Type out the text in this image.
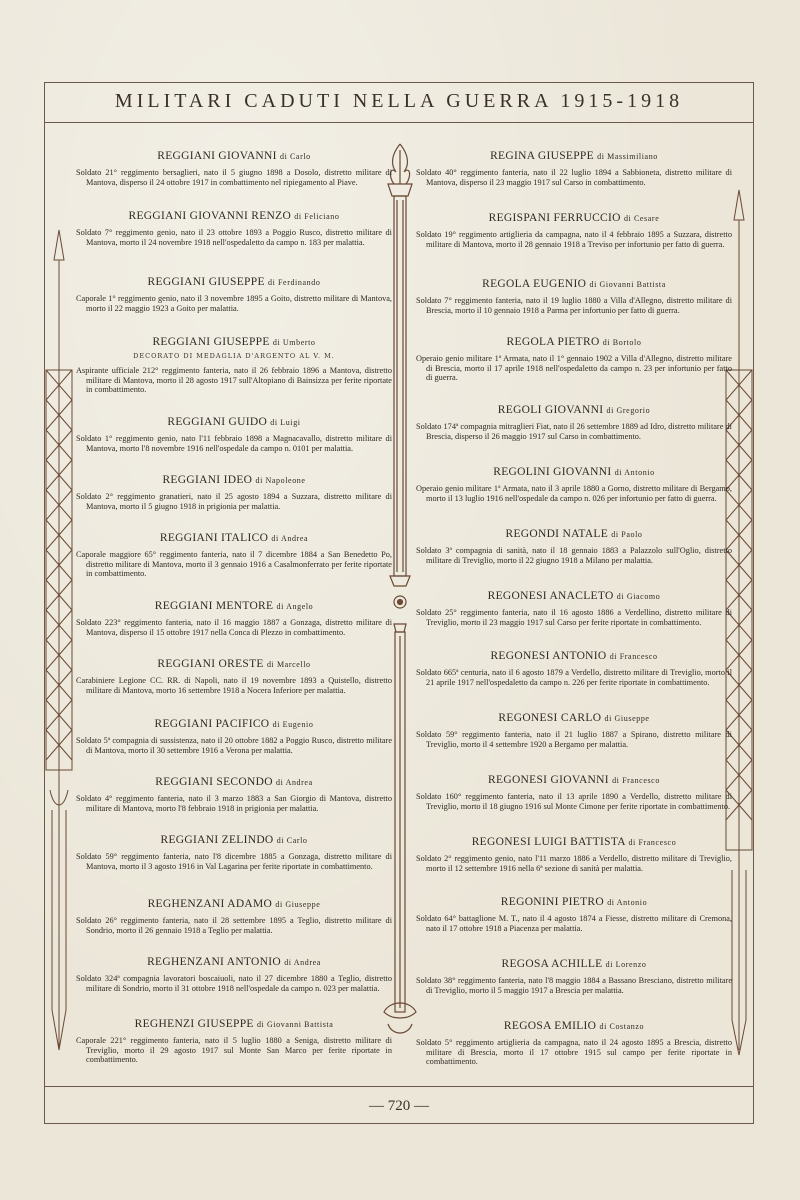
MILITARI CADUTI NELLA GUERRA 1915-1918
REGGIANI GIOVANNI di Carlo
Soldato 21° reggimento bersaglieri, nato il 5 giugno 1898 a Dosolo, distretto militare di Mantova, disperso il 24 ottobre 1917 in combattimento nel ripiegamento al Piave.
REGGIANI GIOVANNI RENZO di Feliciano
Soldato 7° reggimento genio, nato il 23 ottobre 1893 a Poggio Rusco, distretto militare di Mantova, morto il 24 novembre 1918 nell'ospedaletto da campo n. 183 per malattia.
REGGIANI GIUSEPPE di Ferdinando
Caporale 1° reggimento genio, nato il 3 novembre 1895 a Goito, distretto militare di Mantova, morto il 22 maggio 1923 a Goito per malattia.
REGGIANI GIUSEPPE di Umberto
DECORATO DI MEDAGLIA D'ARGENTO AL V. M.
Aspirante ufficiale 212° reggimento fanteria, nato il 26 febbraio 1896 a Mantova, distretto militare di Mantova, morto il 28 agosto 1917 sull'Altopiano di Bainsizza per ferite riportate in combattimento.
REGGIANI GUIDO di Luigi
Soldato 1° reggimento genio, nato l'11 febbraio 1898 a Magnacavallo, distretto militare di Mantova, morto l'8 novembre 1916 nell'ospedale da campo n. 0101 per malattia.
REGGIANI IDEO di Napoleone
Soldato 2° reggimento granatieri, nato il 25 agosto 1894 a Suzzara, distretto militare di Mantova, morto il 5 giugno 1918 in prigionia per malattia.
REGGIANI ITALICO di Andrea
Caporale maggiore 65° reggimento fanteria, nato il 7 dicembre 1884 a San Benedetto Po, distretto militare di Mantova, morto il 3 gennaio 1916 a Casalmonferrato per ferite riportate in combattimento.
REGGIANI MENTORE di Angelo
Soldato 223° reggimento fanteria, nato il 16 maggio 1887 a Gonzaga, distretto militare di Mantova, disperso il 15 ottobre 1917 nella Conca di Plezzo in combattimento.
REGGIANI ORESTE di Marcello
Carabiniere Legione CC. RR. di Napoli, nato il 19 novembre 1893 a Quistello, distretto militare di Mantova, morto 16 settembre 1918 a Nocera Inferiore per malattia.
REGGIANI PACIFICO di Eugenio
Soldato 5ª compagnia di sussistenza, nato il 20 ottobre 1882 a Poggio Rusco, distretto militare di Mantova, morto il 30 settembre 1916 a Verona per malattia.
REGGIANI SECONDO di Andrea
Soldato 4° reggimento fanteria, nato il 3 marzo 1883 a San Giorgio di Mantova, distretto militare di Mantova, morto l'8 febbraio 1918 in prigionia per malattia.
REGGIANI ZELINDO di Carlo
Soldato 59° reggimento fanteria, nato l'8 dicembre 1885 a Gonzaga, distretto militare di Mantova, morto il 3 agosto 1916 in Val Lagarina per ferite riportate in combattimento.
REGHENZANI ADAMO di Giuseppe
Soldato 26° reggimento fanteria, nato il 28 settembre 1895 a Teglio, distretto militare di Sondrio, morto il 26 gennaio 1918 a Teglio per malattia.
REGHENZANI ANTONIO di Andrea
Soldato 324ª compagnia lavoratori boscaiuoli, nato il 27 dicembre 1880 a Teglio, distretto militare di Sondrio, morto il 31 ottobre 1918 nell'ospedale da campo n. 023 per malattia.
REGHENZI GIUSEPPE di Giovanni Battista
Caporale 221° reggimento fanteria, nato il 5 luglio 1880 a Seniga, distretto militare di Treviglio, morto il 29 agosto 1917 sul Monte San Marco per ferite riportate in combattimento.
REGINA GIUSEPPE di Massimiliano
Soldato 40° reggimento fanteria, nato il 22 luglio 1894 a Sabbioneta, distretto militare di Mantova, disperso il 23 maggio 1917 sul Carso in combattimento.
REGISPANI FERRUCCIO di Cesare
Soldato 19° reggimento artiglieria da campagna, nato il 4 febbraio 1895 a Suzzara, distretto militare di Mantova, morto il 28 gennaio 1918 a Treviso per infortunio per fatto di guerra.
REGOLA EUGENIO di Giovanni Battista
Soldato 7° reggimento fanteria, nato il 19 luglio 1880 a Villa d'Allegno, distretto militare di Brescia, morto il 10 gennaio 1918 a Parma per infortunio per fatto di guerra.
REGOLA PIETRO di Bortolo
Operaio genio militare 1ª Armata, nato il 1° gennaio 1902 a Villa d'Allegno, distretto militare di Brescia, morto il 17 aprile 1918 nell'ospedaletto da campo n. 23 per infortunio per fatto di guerra.
REGOLI GIOVANNI di Gregorio
Soldato 174ª compagnia mitraglieri Fiat, nato il 26 settembre 1889 ad Idro, distretto militare di Brescia, disperso il 26 maggio 1917 sul Carso in combattimento.
REGOLINI GIOVANNI di Antonio
Operaio genio militare 1ª Armata, nato il 3 aprile 1880 a Gorno, distretto militare di Bergamo, morto il 13 luglio 1916 nell'ospedale da campo n. 026 per infortunio per fatto di guerra.
REGONDI NATALE di Paolo
Soldato 3ª compagnia di sanità, nato il 18 gennaio 1883 a Palazzolo sull'Oglio, distretto militare di Treviglio, morto il 22 giugno 1918 a Milano per malattia.
REGONESI ANACLETO di Giacomo
Soldato 25° reggimento fanteria, nato il 16 agosto 1886 a Verdellino, distretto militare di Treviglio, morto il 23 maggio 1917 sul Carso per ferite riportate in combattimento.
REGONESI ANTONIO di Francesco
Soldato 665ª centuria, nato il 6 agosto 1879 a Verdello, distretto militare di Treviglio, morto il 21 aprile 1917 nell'ospedaletto da campo n. 226 per ferite riportate in combattimento.
REGONESI CARLO di Giuseppe
Soldato 59° reggimento fanteria, nato il 21 luglio 1887 a Spirano, distretto militare di Treviglio, morto il 4 settembre 1920 a Bergamo per malattia.
REGONESI GIOVANNI di Francesco
Soldato 160° reggimento fanteria, nato il 13 aprile 1890 a Verdello, distretto militare di Treviglio, morto il 18 giugno 1916 sul Monte Cimone per ferite riportate in combattimento.
REGONESI LUIGI BATTISTA di Francesco
Soldato 2° reggimento genio, nato l'11 marzo 1886 a Verdello, distretto militare di Treviglio, morto il 12 settembre 1916 nella 6ª sezione di sanità per malattia.
REGONINI PIETRO di Antonio
Soldato 64° battaglione M. T., nato il 4 agosto 1874 a Fiesse, distretto militare di Cremona, nato il 17 ottobre 1918 a Piacenza per malattia.
REGOSA ACHILLE di Lorenzo
Soldato 38° reggimento fanteria, nato l'8 maggio 1884 a Bassano Bresciano, distretto militare di Treviglio, morto il 5 maggio 1917 a Brescia per malattia.
REGOSA EMILIO di Costanzo
Soldato 5° reggimento artiglieria da campagna, nato il 24 agosto 1895 a Brescia, distretto militare di Brescia, morto il 17 ottobre 1915 sul campo per ferite riportate in combattimento.
— 720 —
